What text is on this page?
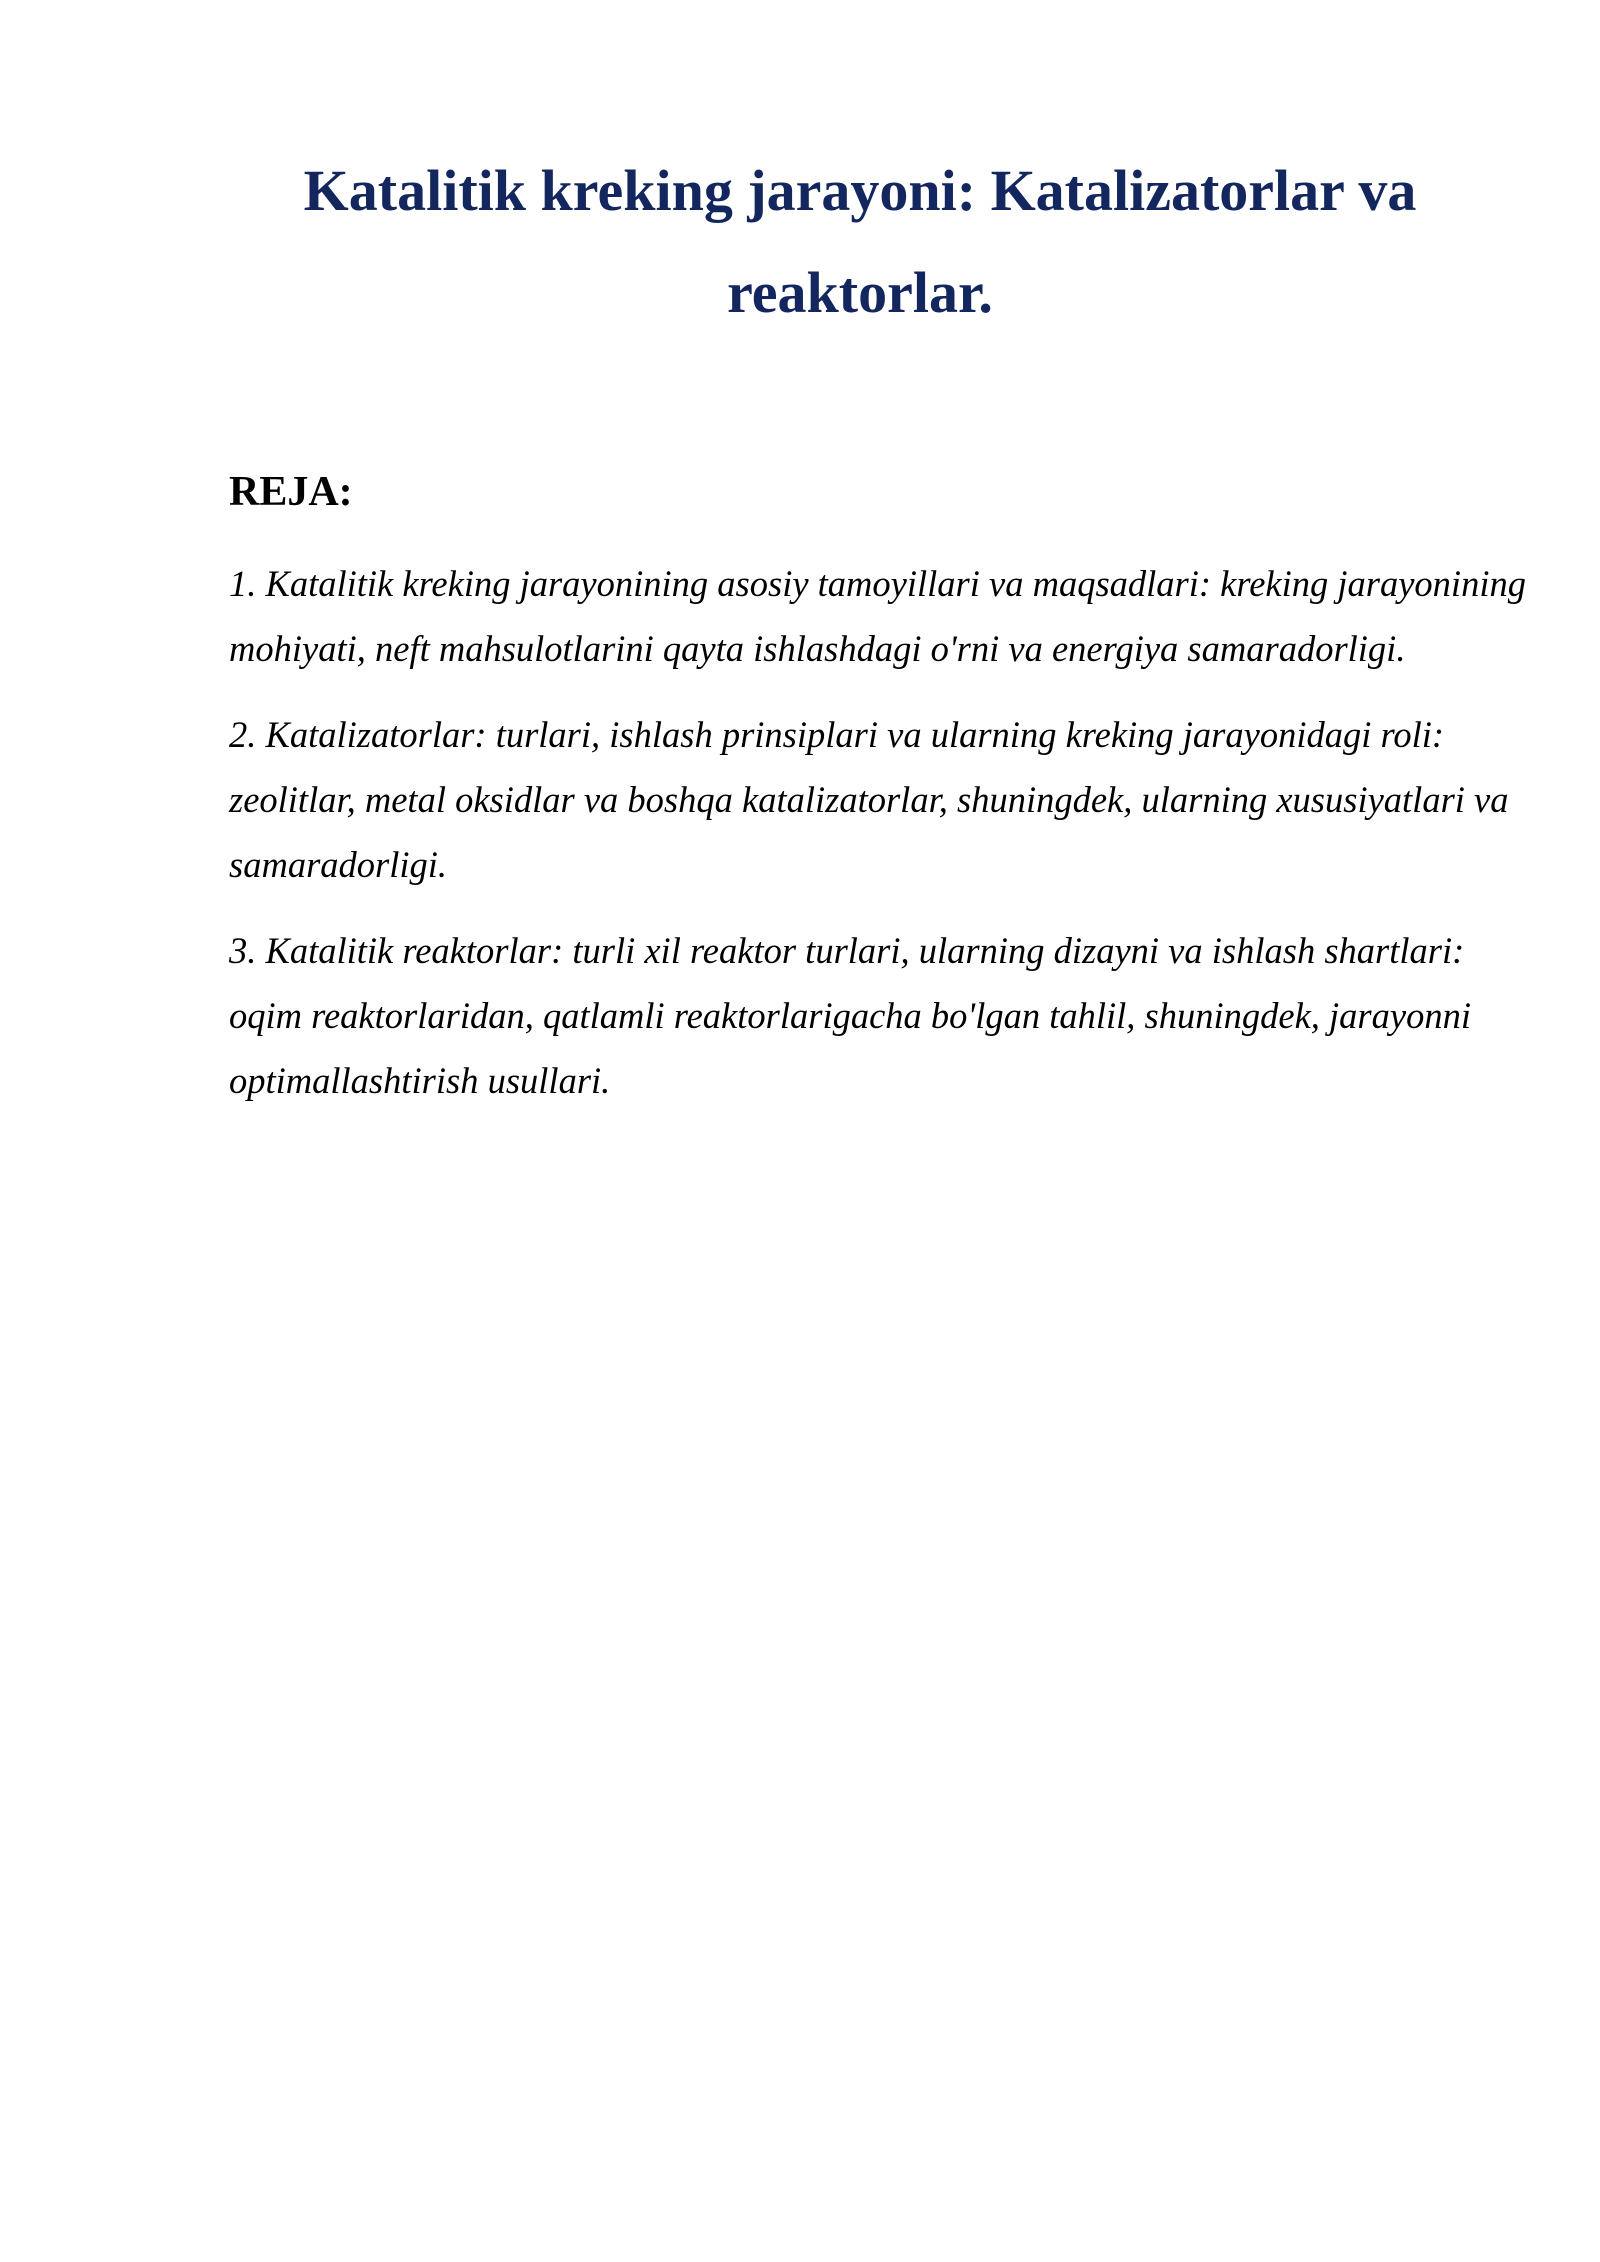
Katalitik kreking jarayoni: Katalizatorlar va reaktorlar.
REJA:
1. Katalitik kreking jarayonining asosiy tamoyillari va maqsadlari: kreking jarayonining mohiyati, neft mahsulotlarini qayta ishlashdagi o'rni va energiya samaradorligi.
2. Katalizatorlar: turlari, ishlash prinsiplari va ularning kreking jarayonidagi roli: zeolitlar, metal oksidlar va boshqa katalizatorlar, shuningdek, ularning xususiyatlari va samaradorligi.
3. Katalitik reaktorlar: turli xil reaktor turlari, ularning dizayni va ishlash shartlari: oqim reaktorlaridan, qatlamli reaktorlarigacha bo'lgan tahlil, shuningdek, jarayonni optimallashtirish usullari.
